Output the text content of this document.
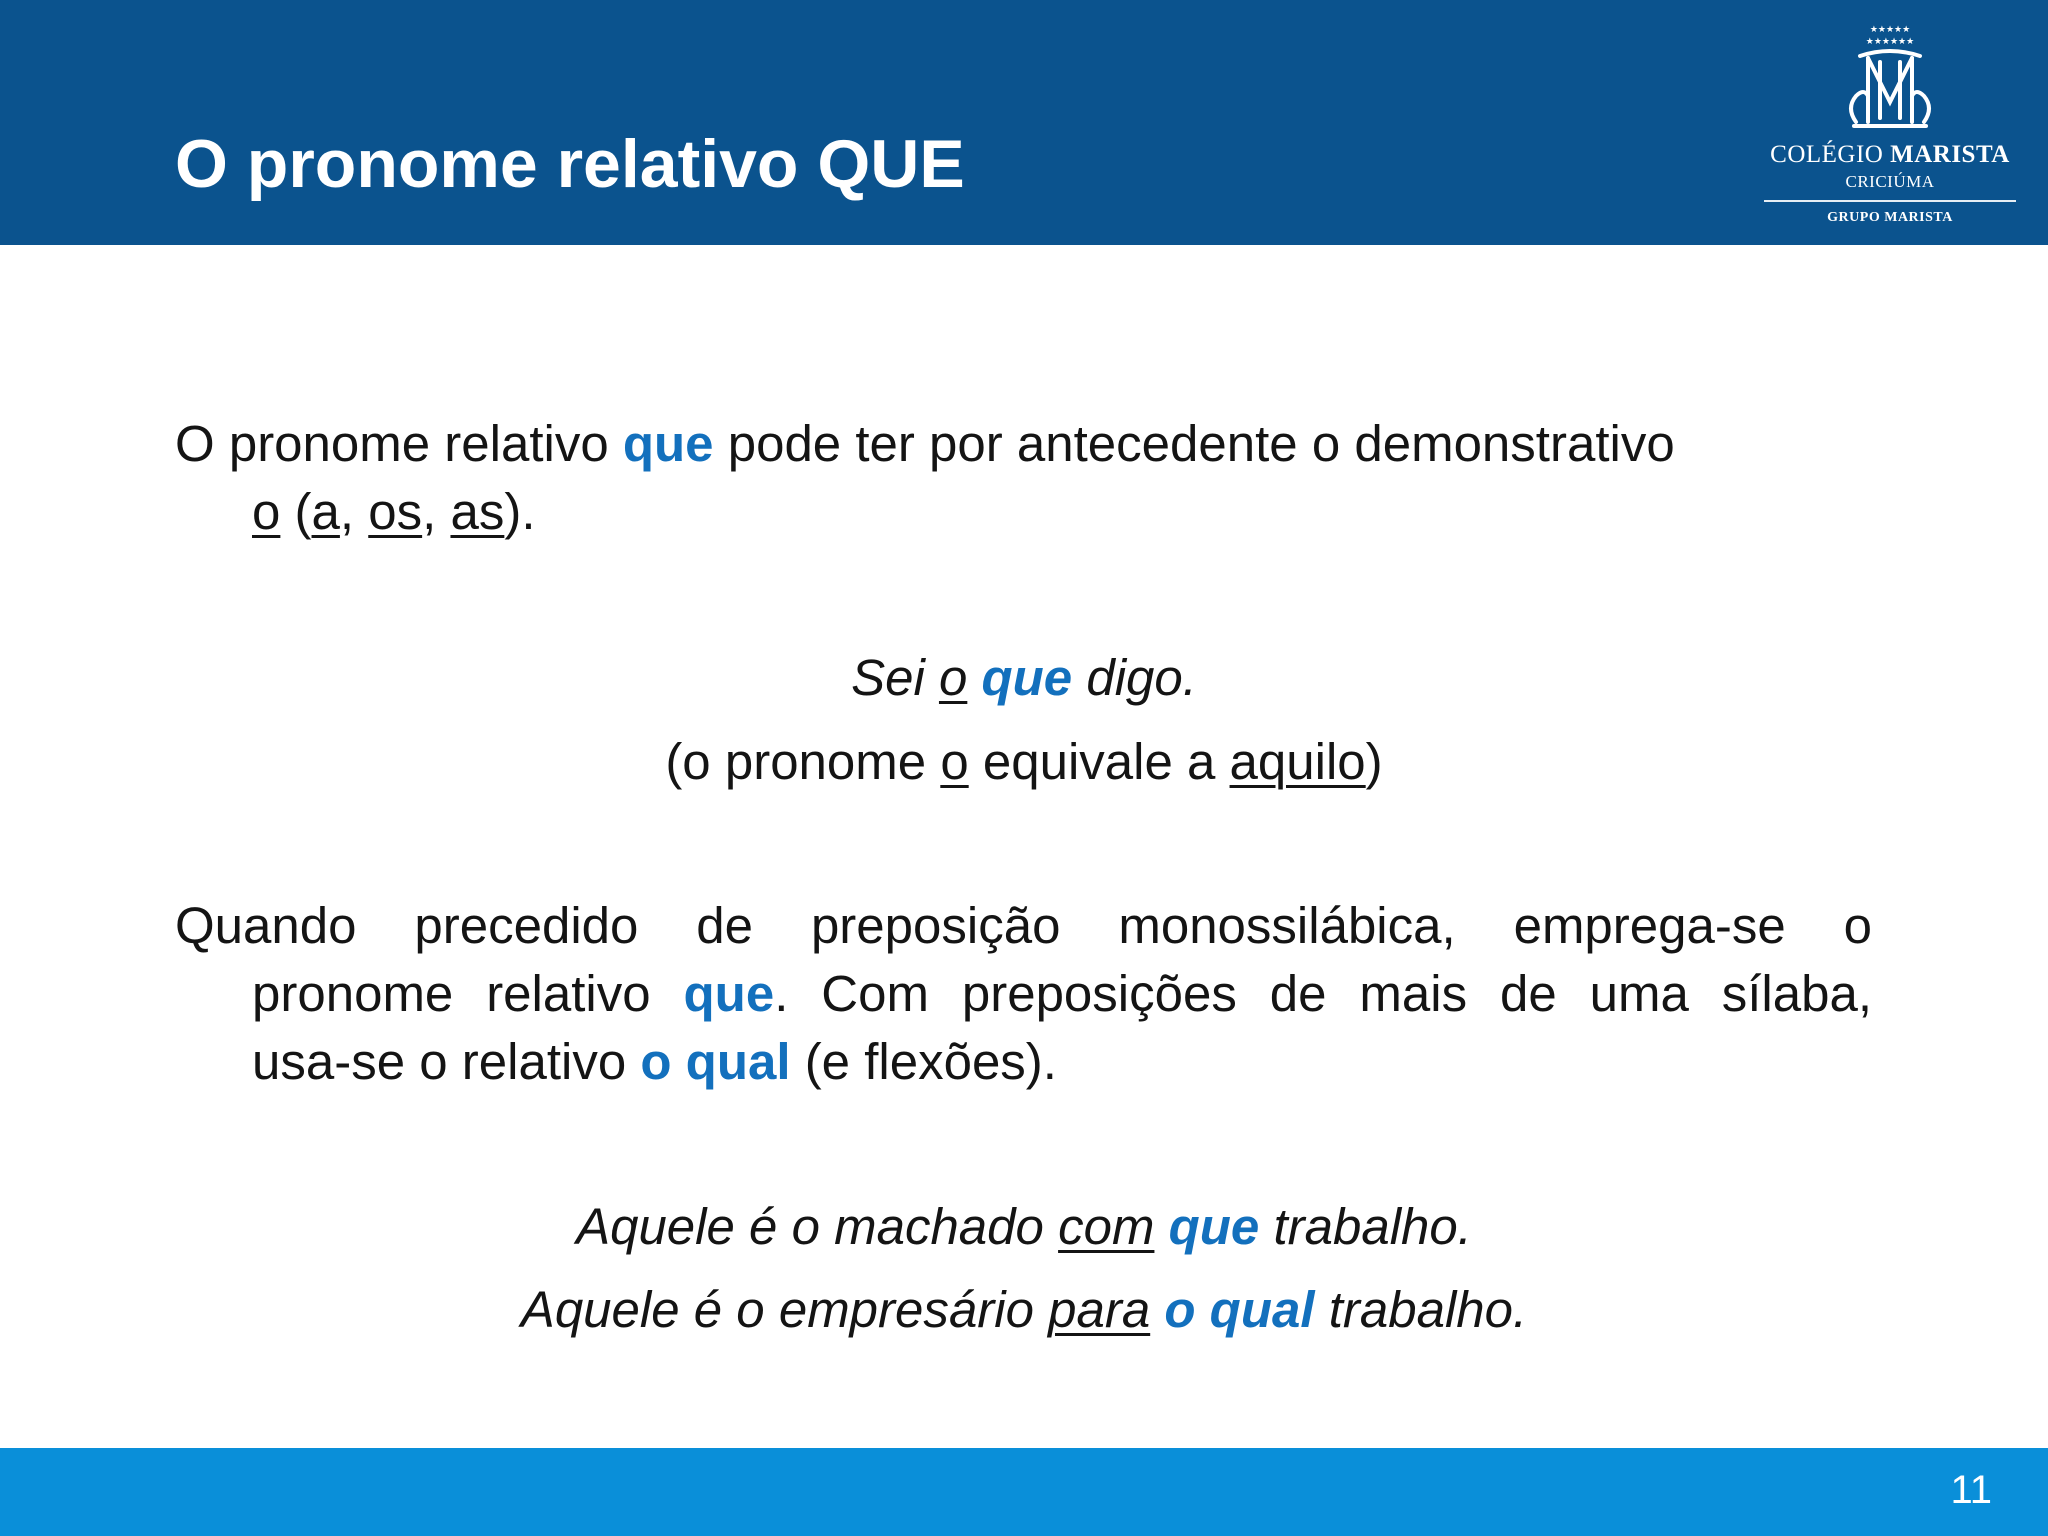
O pronome relativo QUE
★★★★★
★★★★★★
COLÉGIO MARISTA
CRICIÚMA
GRUPO MARISTA
O pronome relativo que pode ter por antecedente o demonstrativo
o (a, os, as).
Sei o que digo.
(o pronome o equivale a aquilo)
Quando precedido de preposição monossilábica, emprega-se o
pronome relativo que. Com preposições de mais de uma sílaba,
usa-se o relativo o qual (e flexões).
Aquele é o machado com que trabalho.
Aquele é o empresário para o qual trabalho.
11
